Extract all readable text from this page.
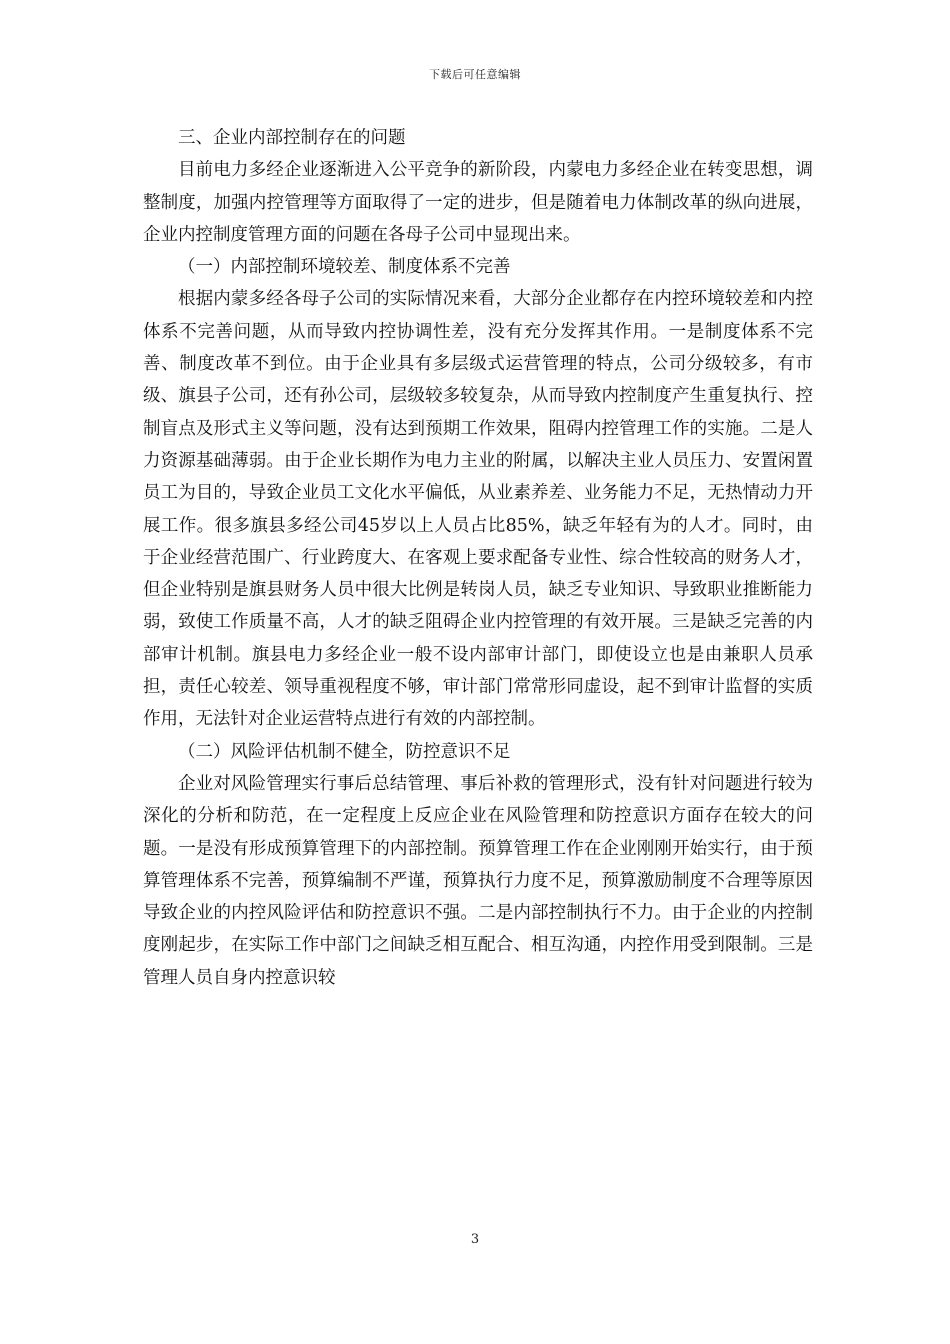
下载后可任意编辑

三、企业内部控制存在的问题

目前电力多经企业逐渐进入公平竞争的新阶段，内蒙电力多经企业在转变思想，调整制度，加强内控管理等方面取得了一定的进步，但是随着电力体制改革的纵向进展，企业内控制度管理方面的问题在各母子公司中显现出来。

（一）内部控制环境较差、制度体系不完善

根据内蒙多经各母子公司的实际情况来看，大部分企业都存在内控环境较差和内控体系不完善问题，从而导致内控协调性差，没有充分发挥其作用。一是制度体系不完善、制度改革不到位。由于企业具有多层级式运营管理的特点，公司分级较多，有市级、旗县子公司，还有孙公司，层级较多较复杂，从而导致内控制度产生重复执行、控制盲点及形式主义等问题，没有达到预期工作效果，阻碍内控管理工作的实施。二是人力资源基础薄弱。由于企业长期作为电力主业的附属，以解决主业人员压力、安置闲置员工为目的，导致企业员工文化水平偏低，从业素养差、业务能力不足，无热情动力开展工作。很多旗县多经公司45岁以上人员占比85%，缺乏年轻有为的人才。同时，由于企业经营范围广、行业跨度大、在客观上要求配备专业性、综合性较高的财务人才，但企业特别是旗县财务人员中很大比例是转岗人员，缺乏专业知识、导致职业推断能力弱，致使工作质量不高，人才的缺乏阻碍企业内控管理的有效开展。三是缺乏完善的内部审计机制。旗县电力多经企业一般不设内部审计部门，即使设立也是由兼职人员承担，责任心较差、领导重视程度不够，审计部门常常形同虚设，起不到审计监督的实质作用，无法针对企业运营特点进行有效的内部控制。

（二）风险评估机制不健全，防控意识不足

企业对风险管理实行事后总结管理、事后补救的管理形式，没有针对问题进行较为深化的分析和防范，在一定程度上反应企业在风险管理和防控意识方面存在较大的问题。一是没有形成预算管理下的内部控制。预算管理工作在企业刚刚开始实行，由于预算管理体系不完善，预算编制不严谨，预算执行力度不足，预算激励制度不合理等原因导致企业的内控风险评估和防控意识不强。二是内部控制执行不力。由于企业的内控制度刚起步，在实际工作中部门之间缺乏相互配合、相互沟通，内控作用受到限制。三是管理人员自身内控意识较

3
